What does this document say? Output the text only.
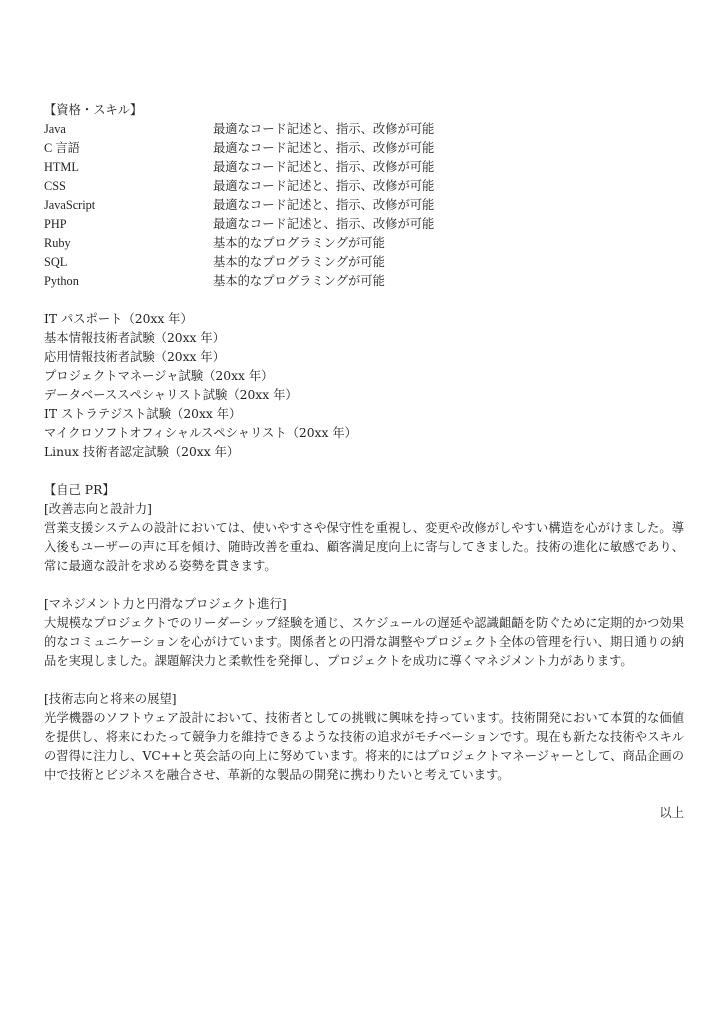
【資格・スキル】
Java	最適なコード記述と、指示、改修が可能
C 言語	最適なコード記述と、指示、改修が可能
HTML	最適なコード記述と、指示、改修が可能
CSS	最適なコード記述と、指示、改修が可能
JavaScript	最適なコード記述と、指示、改修が可能
PHP	最適なコード記述と、指示、改修が可能
Ruby	基本的なプログラミングが可能
SQL	基本的なプログラミングが可能
Python	基本的なプログラミングが可能
IT パスポート（20xx 年）
基本情報技術者試験（20xx 年）
応用情報技術者試験（20xx 年）
プロジェクトマネージャ試験（20xx 年）
データベーススペシャリスト試験（20xx 年）
IT ストラテジスト試験（20xx 年）
マイクロソフトオフィシャルスペシャリスト（20xx 年）
Linux 技術者認定試験（20xx 年）
【自己 PR】
[改善志向と設計力]
営業支援システムの設計においては、使いやすさや保守性を重視し、変更や改修がしやすい構造を心がけました。導入後もユーザーの声に耳を傾け、随時改善を重ね、顧客満足度向上に寄与してきました。技術の進化に敏感であり、常に最適な設計を求める姿勢を貫きます。
[マネジメント力と円滑なプロジェクト進行]
大規模なプロジェクトでのリーダーシップ経験を通じ、スケジュールの遅延や認識齟齬を防ぐために定期的かつ効果的なコミュニケーションを心がけています。関係者との円滑な調整やプロジェクト全体の管理を行い、期日通りの納品を実現しました。課題解決力と柔軟性を発揮し、プロジェクトを成功に導くマネジメント力があります。
[技術志向と将来の展望]
光学機器のソフトウェア設計において、技術者としての挑戦に興味を持っています。技術開発において本質的な価値を提供し、将来にわたって競争力を維持できるような技術の追求がモチベーションです。現在も新たな技術やスキルの習得に注力し、VC++と英会話の向上に努めています。将来的にはプロジェクトマネージャーとして、商品企画の中で技術とビジネスを融合させ、革新的な製品の開発に携わりたいと考えています。
以上
